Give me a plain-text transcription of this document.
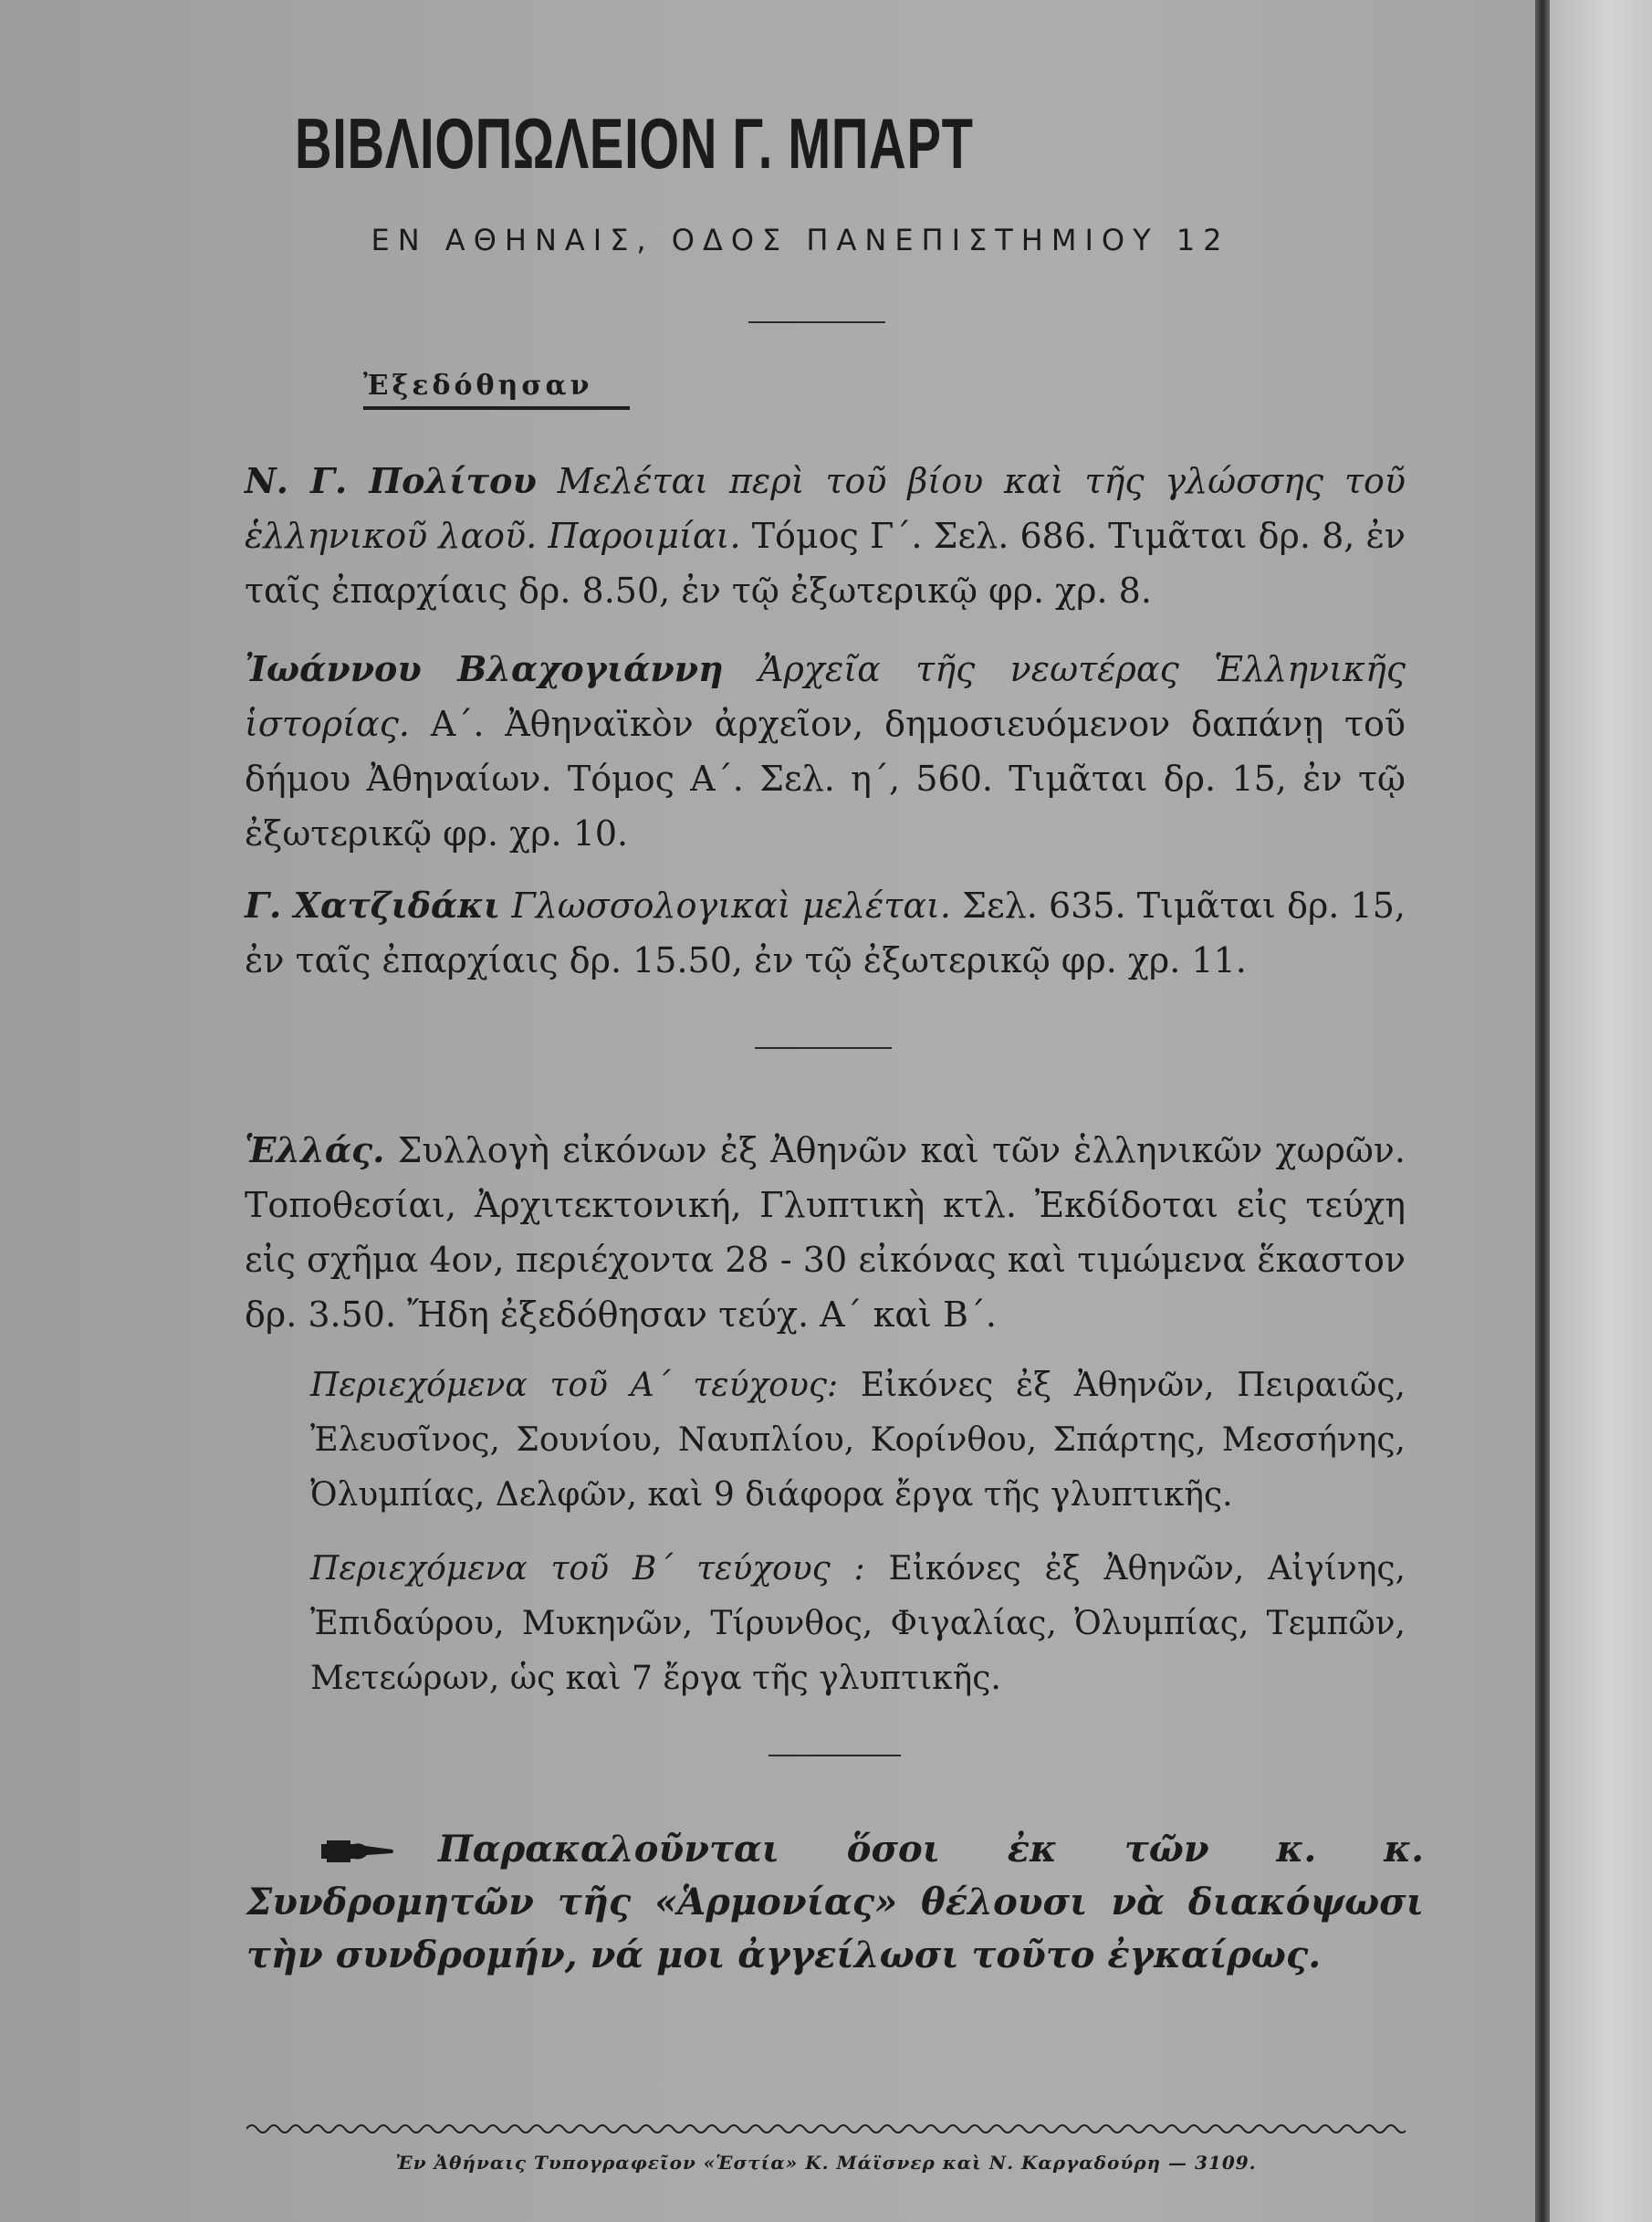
ΒΙΒΛΙΟΠΩΛΕΙΟΝ Γ. ΜΠΑΡΤ
ΕΝ ΑΘΗΝΑΙΣ, ΟΔΟΣ ΠΑΝΕΠΙΣΤΗΜΙΟΥ 12
Ἐξεδόθησαν
Ν. Γ. Πολίτου Μελέται περὶ τοῦ βίου καὶ τῆς γλώσσης τοῦ ἑλληνικοῦ λαοῦ. Παροιμίαι. Τόμος Γ΄. Σελ. 686. Τιμᾶται δρ. 8, ἐν ταῖς ἐπαρχίαις δρ. 8.50, ἐν τῷ ἐξωτερικῷ φρ. χρ. 8.
Ἰωάννου Βλαχογιάννη Ἀρχεῖα τῆς νεωτέρας Ἑλληνικῆς ἱστορίας. Α΄. Ἀθηναϊκὸν ἀρχεῖον, δημοσιευόμενον δαπάνῃ τοῦ δήμου Ἀθηναίων. Τόμος Α΄. Σελ. η΄, 560. Τιμᾶται δρ. 15, ἐν τῷ ἐξωτερικῷ φρ. χρ. 10.
Γ. Χατζιδάκι Γλωσσολογικαὶ μελέται. Σελ. 635. Τιμᾶται δρ. 15, ἐν ταῖς ἐπαρχίαις δρ. 15.50, ἐν τῷ ἐξωτερικῷ φρ. χρ. 11.
Ἑλλάς. Συλλογὴ εἰκόνων ἐξ Ἀθηνῶν καὶ τῶν ἑλληνικῶν χωρῶν. Τοποθεσίαι, Ἀρχιτεκτονική, Γλυπτικὴ κτλ. Ἐκδίδοται εἰς τεύχη εἰς σχῆμα 4ον, περιέχοντα 28 - 30 εἰκόνας καὶ τιμώμενα ἕκαστον δρ. 3.50. Ἤδη ἐξεδόθησαν τεύχ. Α΄ καὶ Β΄.
Περιεχόμενα τοῦ Α΄ τεύχους: Εἰκόνες ἐξ Ἀθηνῶν, Πειραιῶς, Ἐλευσῖνος, Σουνίου, Ναυπλίου, Κορίνθου, Σπάρτης, Μεσσήνης, Ὀλυμπίας, Δελφῶν, καὶ 9 διάφορα ἔργα τῆς γλυπτικῆς.
Περιεχόμενα τοῦ Β΄ τεύχους : Εἰκόνες ἐξ Ἀθηνῶν, Αἰγίνης, Ἐπιδαύρου, Μυκηνῶν, Τίρυνθος, Φιγαλίας, Ὀλυμπίας, Τεμπῶν, Μετεώρων, ὡς καὶ 7 ἔργα τῆς γλυπτικῆς.
Παρακαλοῦνται ὅσοι ἐκ τῶν κ. κ. Συνδρομητῶν τῆς «Ἁρμονίας» θέλουσι νὰ διακόψωσι τὴν συνδρομήν, νά μοι ἀγγείλωσι τοῦτο ἐγκαίρως.
Ἐν Ἀθήναις Τυπογραφεῖον «Ἑστία» Κ. Μάϊσνερ καὶ Ν. Καργαδούρη — 3109.
